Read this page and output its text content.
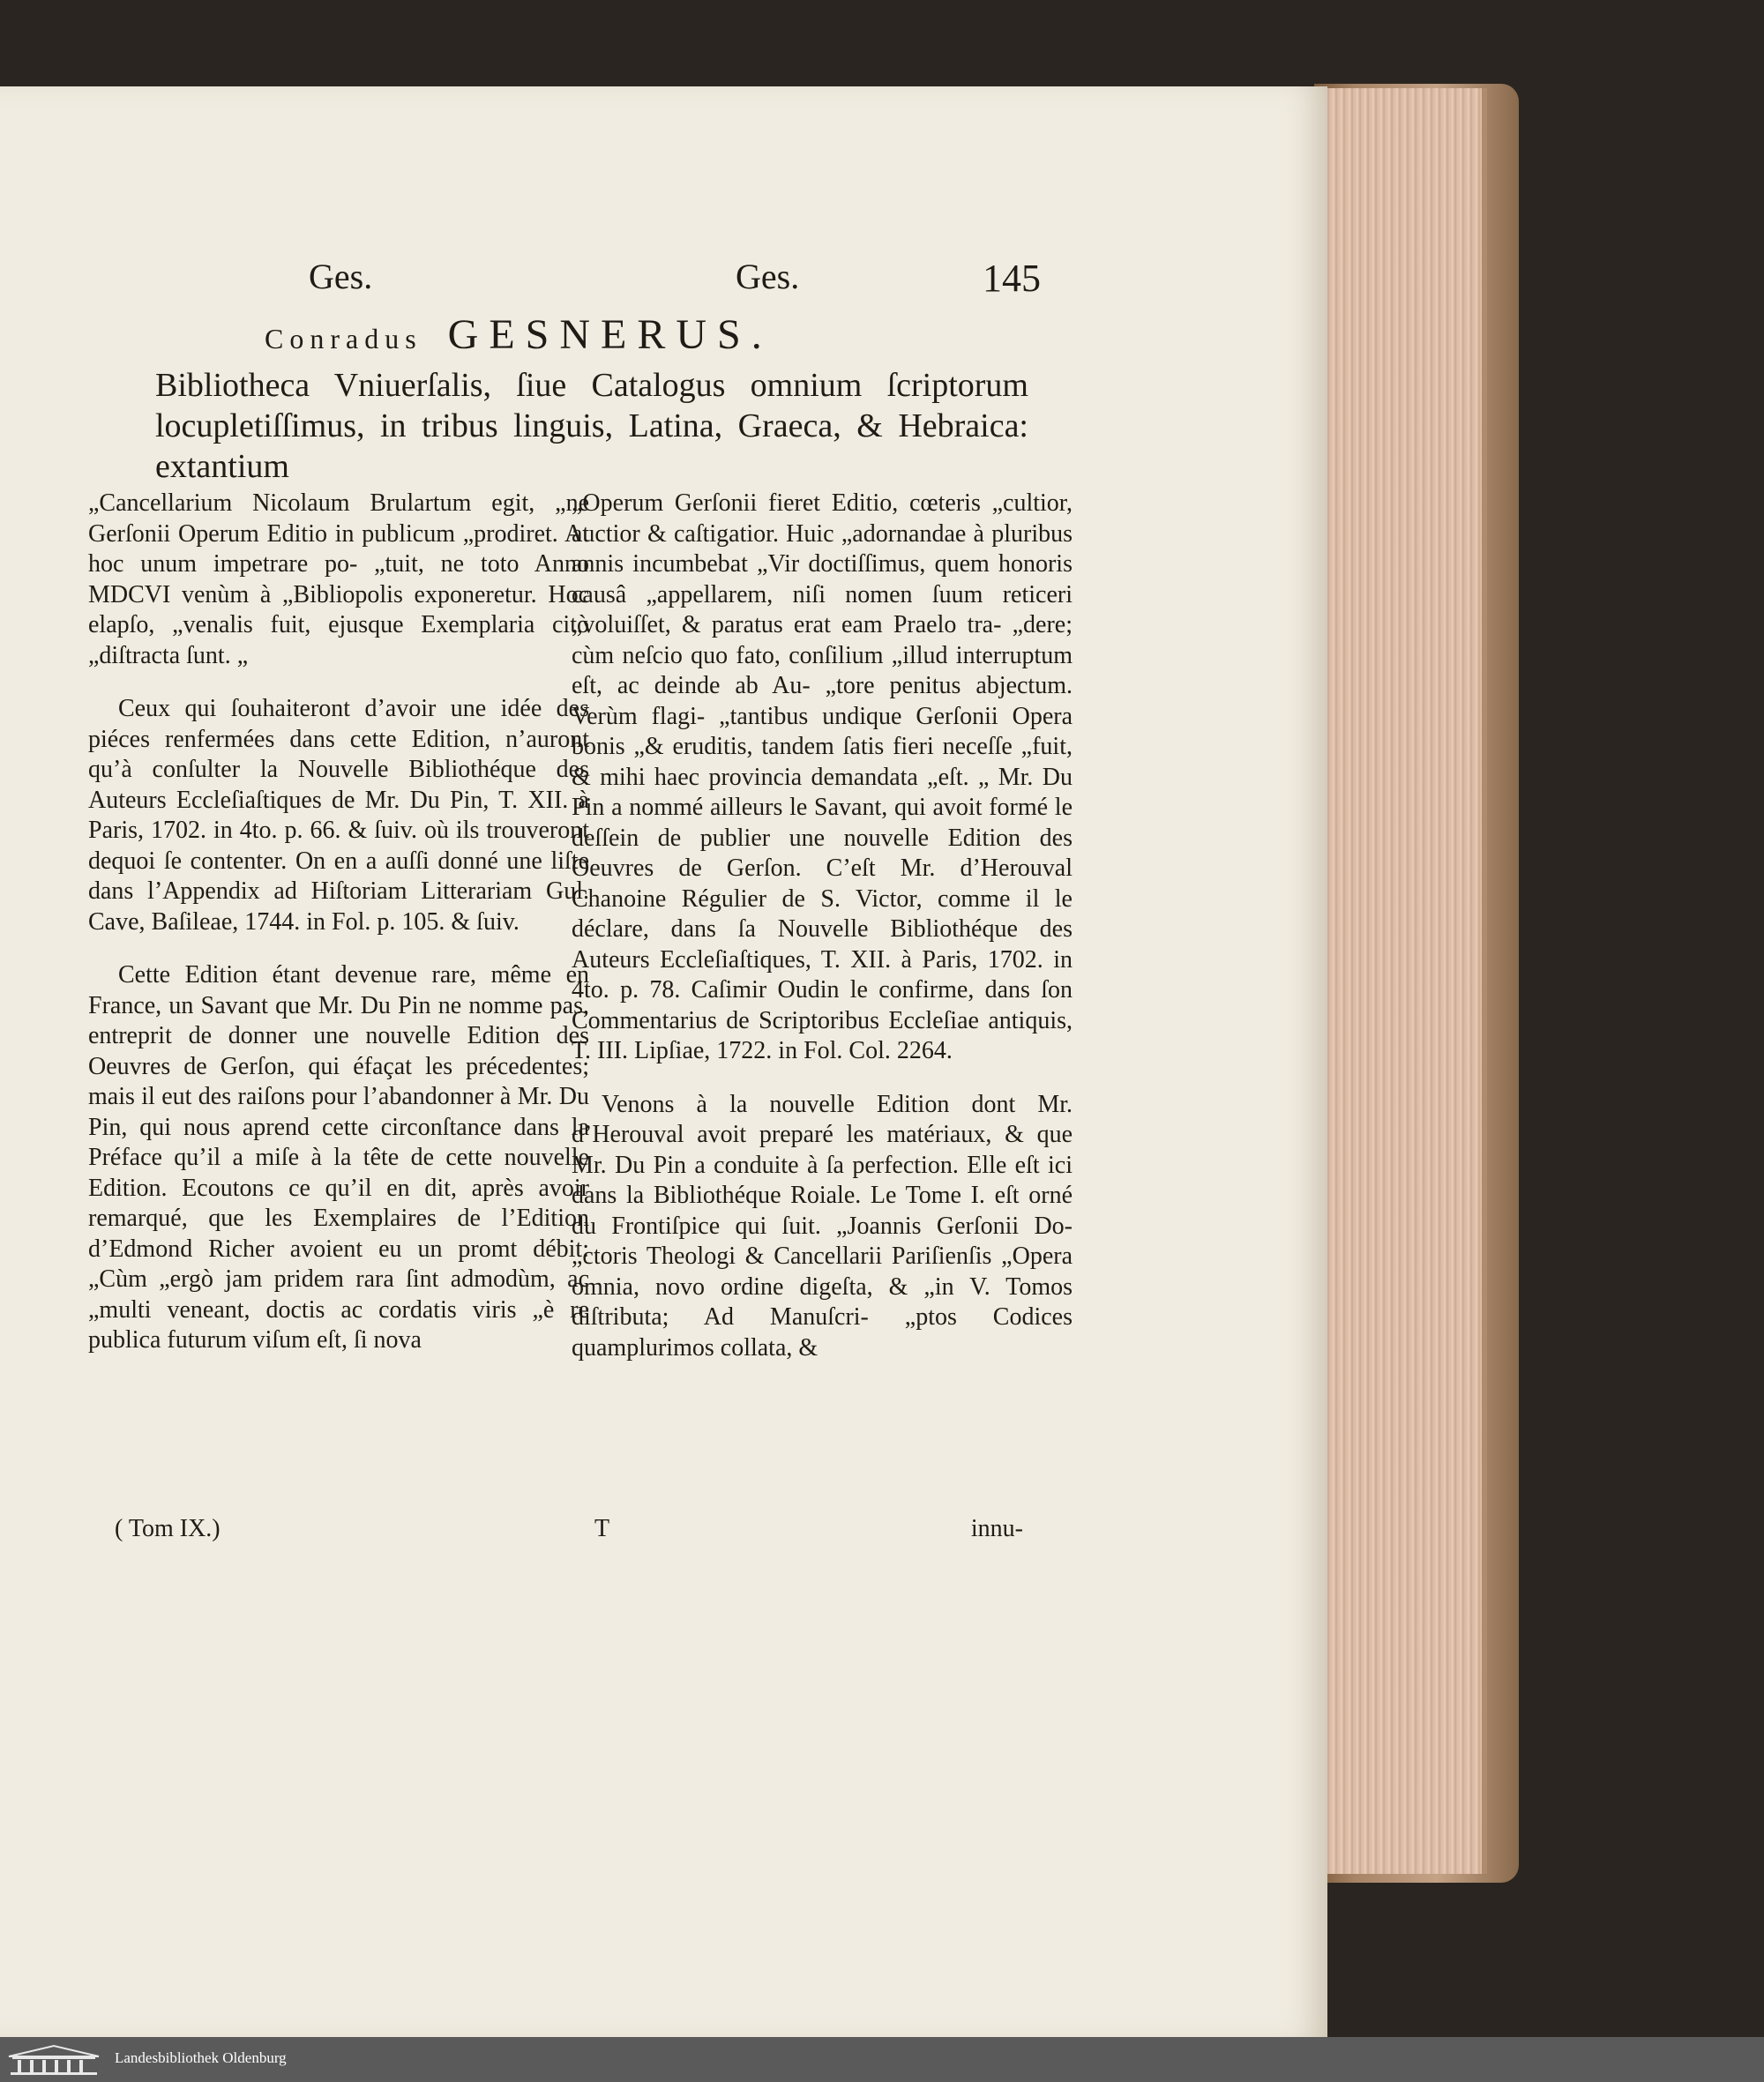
Ges.	Ges.	145
Conradus GESNERUS.
Bibliotheca Vniuerſalis, ſiue Catalogus omnium ſcriptorum locupletiſſimus, in tribus linguis, Latina, Graeca, & Hebraica: extantium

„Cancellarium Nicolaum Brulartum egit, „ne Gerſonii Operum Editio in publicum „prodiret. At hoc unum impetrare po- „tuit, ne toto Anno MDCVI venùm à „Bibliopolis exponeretur. Hoc elapſo, „venalis fuit, ejusque Exemplaria citò „diſtracta ſunt. „

Ceux qui ſouhaiteront d’avoir une idée des piéces renfermées dans cette Edition, n’auront qu’à conſulter la Nouvelle Bibliothéque des Auteurs Eccleſiaſtiques de Mr. Du Pin, T. XII. à Paris, 1702. in 4to. p. 66. & ſuiv. où ils trouveront dequoi ſe contenter. On en a auſſi donné une liſte dans l’Appendix ad Hiſtoriam Litterariam Gul. Cave, Baſileae, 1744. in Fol. p. 105. & ſuiv.

Cette Edition étant devenue rare, même en France, un Savant que Mr. Du Pin ne nomme pas, entreprit de donner une nouvelle Edition des Oeuvres de Gerſon, qui éfaçat les précedentes; mais il eut des raiſons pour l’abandonner à Mr. Du Pin, qui nous aprend cette circonſtance dans la Préface qu’il a miſe à la tête de cette nouvelle Edition. Ecoutons ce qu’il en dit, après avoir remarqué, que les Exemplaires de l’Edition d’Edmond Richer avoient eu un promt débit: „Cùm „ergò jam pridem rara ſint admodùm, ac „multi veneant, doctis ac cordatis viris „è re publica futurum viſum eſt, ſi nova

„Operum Gerſonii fieret Editio, cœteris „cultior, auctior & caſtigatior. Huic „adornandae à pluribus annis incumbebat „Vir doctiſſimus, quem honoris causâ „appellarem, niſi nomen ſuum reticeri „voluiſſet, & paratus erat eam Praelo tra- „dere; cùm neſcio quo fato, conſilium „illud interruptum eſt, ac deinde ab Au- „tore penitus abjectum. Verùm flagi- „tantibus undique Gerſonii Opera bonis „& eruditis, tandem ſatis fieri neceſſe „fuit, & mihi haec provincia demandata „eſt. „ Mr. Du Pin a nommé ailleurs le Savant, qui avoit formé le deſſein de publier une nouvelle Edition des Oeuvres de Gerſon. C’eſt Mr. d’Herouval Chanoine Régulier de S. Victor, comme il le déclare, dans ſa Nouvelle Bibliothéque des Auteurs Eccleſiaſtiques, T. XII. à Paris, 1702. in 4to. p. 78. Caſimir Oudin le confirme, dans ſon Commentarius de Scriptoribus Eccleſiae antiquis, T. III. Lipſiae, 1722. in Fol. Col. 2264.

Venons à la nouvelle Edition dont Mr. d’Herouval avoit preparé les matériaux, & que Mr. Du Pin a conduite à ſa perfection. Elle eſt ici dans la Bibliothéque Roiale. Le Tome I. eſt orné du Frontiſpice qui ſuit. „Joannis Gerſonii Do- „ctoris Theologi & Cancellarii Pariſienſis „Opera omnia, novo ordine digeſta, & „in V. Tomos diſtributa; Ad Manuſcri- „ptos Codices quamplurimos collata, &

( Tom IX.)	T	innu-
Landesbibliothek Oldenburg
